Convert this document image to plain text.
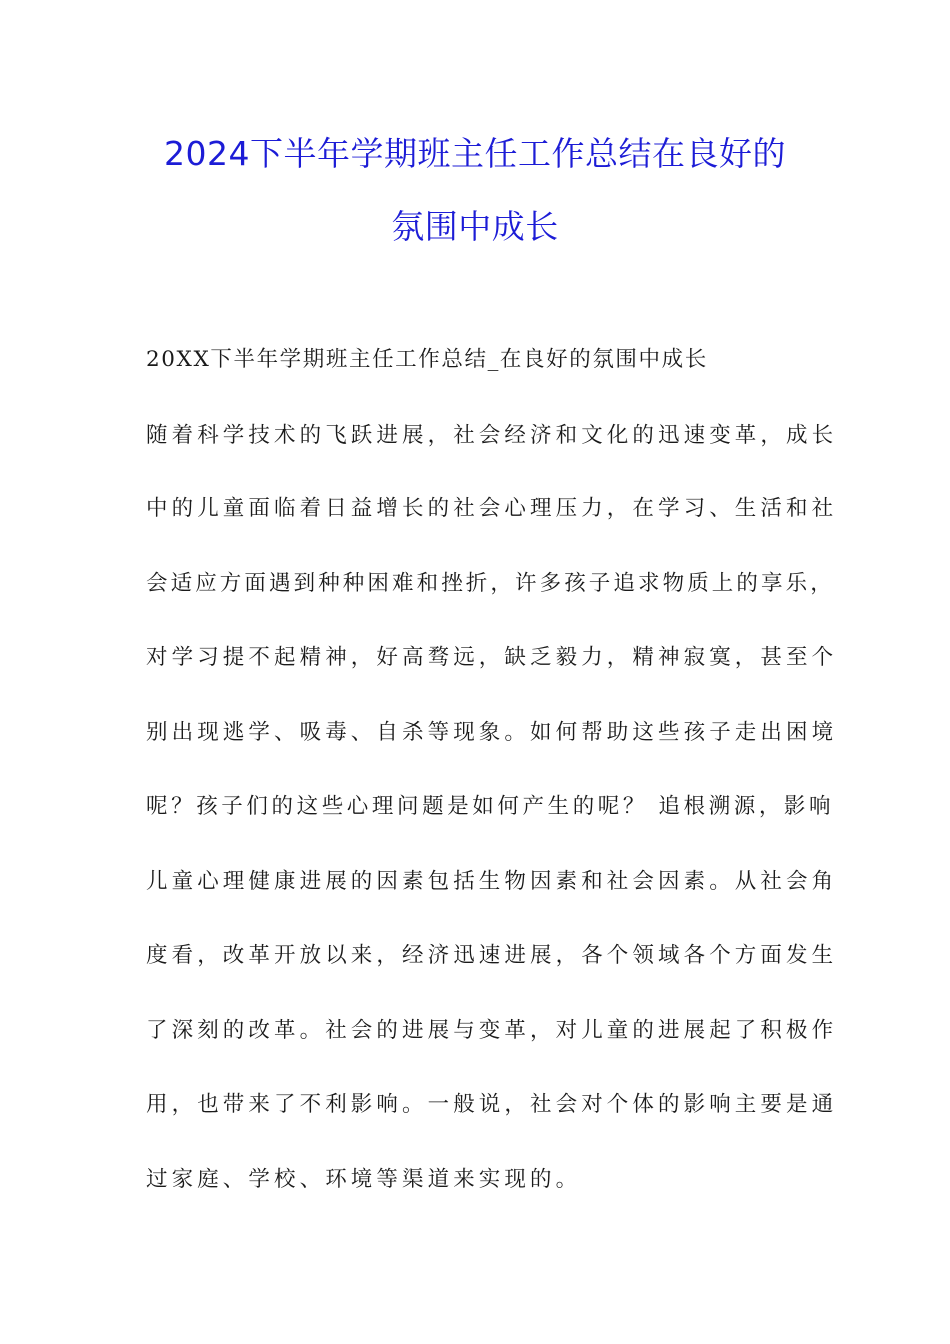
2024下半年学期班主任工作总结在良好的
氛围中成长
20XX下半年学期班主任工作总结_在良好的氛围中成长
随着科学技术的飞跃进展，社会经济和文化的迅速变革，成长
中的儿童面临着日益增长的社会心理压力，在学习、生活和社
会适应方面遇到种种困难和挫折，许多孩子追求物质上的享乐，
对学习提不起精神，好高骛远，缺乏毅力，精神寂寞，甚至个
别出现逃学、吸毒、自杀等现象。如何帮助这些孩子走出困境
呢？孩子们的这些心理问题是如何产生的呢？ 追根溯源，影响
儿童心理健康进展的因素包括生物因素和社会因素。从社会角
度看，改革开放以来，经济迅速进展，各个领域各个方面发生
了深刻的改革。社会的进展与变革，对儿童的进展起了积极作
用，也带来了不利影响。一般说，社会对个体的影响主要是通
过家庭、学校、环境等渠道来实现的。
